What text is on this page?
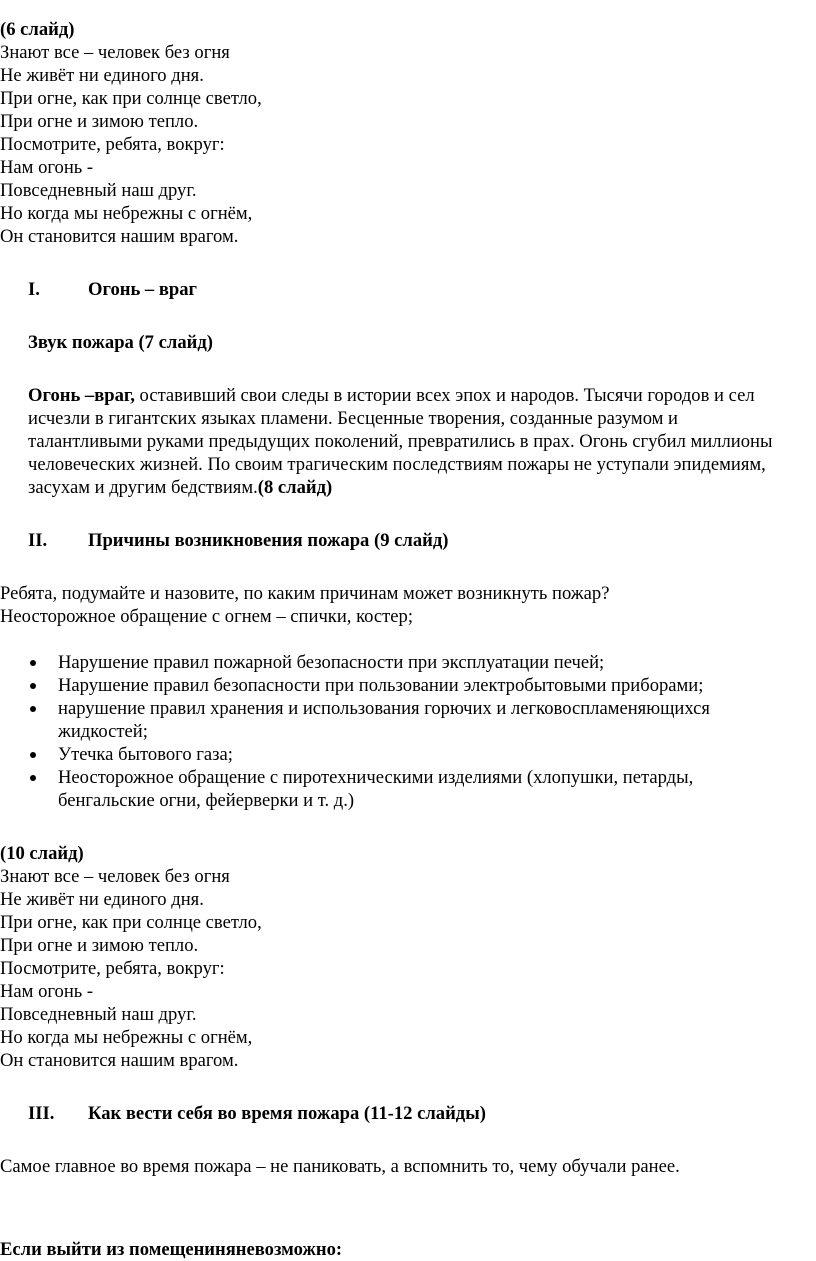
(6 слайд)
Знают все – человек без огня
Не живёт ни единого дня.
При огне, как при солнце светло,
При огне и зимою тепло.
Посмотрите, ребята, вокруг:
Нам огонь -
Повседневный наш друг.
Но когда мы небрежны с огнём,
Он становится нашим врагом.
I.	Огонь – враг
Звук пожара (7 слайд)
Огонь –враг, оставивший свои следы в истории всех эпох и народов. Тысячи городов и сел
исчезли в гигантских языках пламени. Бесценные творения, созданные разумом и
талантливыми руками предыдущих поколений, превратились в прах. Огонь сгубил миллионы
человеческих жизней. По своим трагическим последствиям пожары не уступали эпидемиям,
засухам и другим бедствиям.(8 слайд)
II. Причины возникновения пожара (9 слайд)
Ребята, подумайте и назовите, по каким причинам может возникнуть пожар?
Неосторожное обращение с огнем – спички, костер;
Нарушение правил пожарной безопасности при эксплуатации печей;
Нарушение правил безопасности при пользовании электробытовыми приборами;
нарушение правил хранения и использования горючих и легковоспламеняющихся
жидкостей;
Утечка бытового газа;
Неосторожное обращение с пиротехническими изделиями (хлопушки, петарды,
бенгальские огни, фейерверки и т. д.)
(10 слайд)
Знают все – человек без огня
Не живёт ни единого дня.
При огне, как при солнце светло,
При огне и зимою тепло.
Посмотрите, ребята, вокруг:
Нам огонь -
Повседневный наш друг.
Но когда мы небрежны с огнём,
Он становится нашим врагом.
III. Как вести себя во время пожара (11-12 слайды)
Самое главное во время пожара – не паниковать, а вспомнить то, чему обучали ранее.
Если выйти из помещениняневозможно:
